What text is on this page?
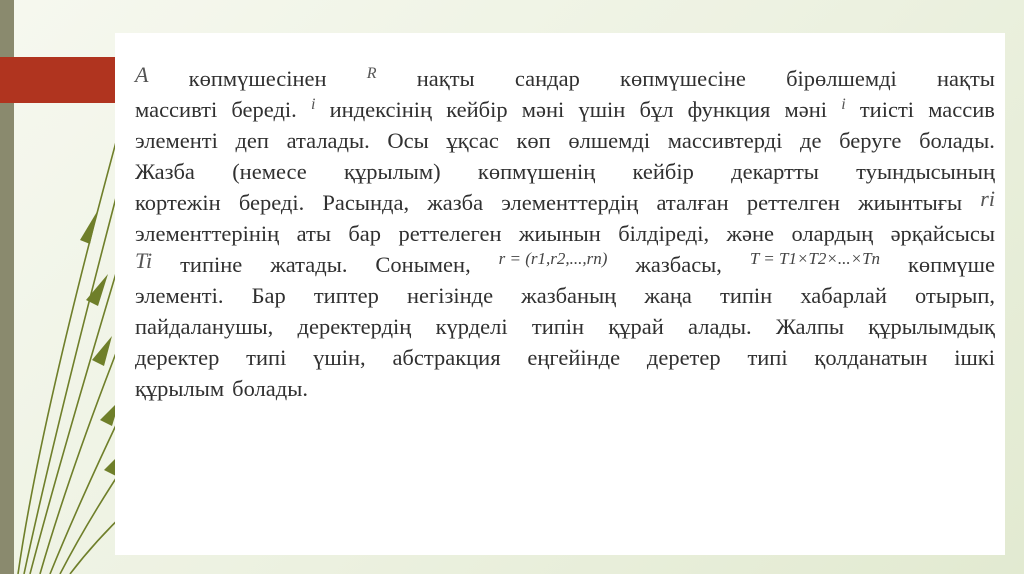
A көпмүшесінен	R нақты сандар көпмүшесіне бірөлшемді нақты
массивті береді. i индексінің кейбір мәні үшін бұл функция мәні i тиісті массив
элементі деп аталады. Осы ұқсас көп өлшемді массивтерді де беруге болады.
Жазба (немесе құрылым) көпмүшенің кейбір декартты туындысының
кортежін береді. Расында, жазба элементтердің аталған реттелген жиынтығы ri
элементтерінің аты бар реттелеген жиынын білдіреді, және олардың әрқайсысы
Ti типіне жатады. Сонымен, r = (r1,r2,...,rn) жазбасы, T = T1×T2×...×Tn көпмүше
элементі. Бар типтер негізінде жазбаның жаңа типін хабарлай отырып,
пайдаланушы, деректердің күрделі типін құрай алады. Жалпы құрылымдық
деректер типі үшін, абстракция еңгейінде деретер типі қолданатын ішкі
құрылым болады.
